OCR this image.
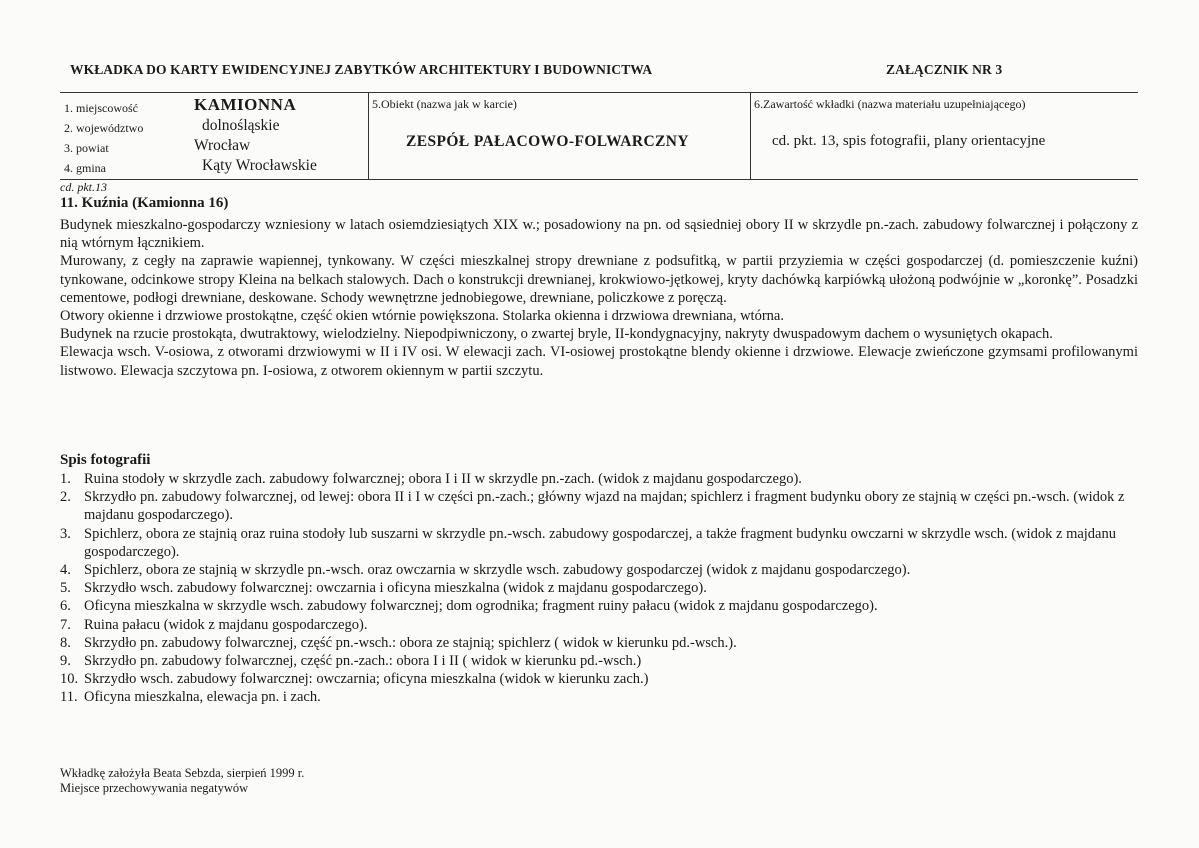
WKŁADKA DO KARTY EWIDENCYJNEJ ZABYTKÓW ARCHITEKTURY I BUDOWNICTWA	ZAŁĄCZNIK NR 3
1. miejscowość	KAMIONNA
2. województwo	dolnośląskie
3. powiat	Wrocław
4. gmina	Kąty Wrocławskie
5.Obiekt (nazwa jak w karcie)
ZESPÓŁ PAŁACOWO-FOLWARCZNY
6.Zawartość wkładki (nazwa materiału uzupełniającego)
cd. pkt. 13, spis fotografii, plany orientacyjne
cd. pkt.13
11. Kuźnia (Kamionna 16)

Budynek mieszkalno-gospodarczy wzniesiony w latach osiemdziesiątych XIX w.; posadowiony na pn. od sąsiedniej obory II w skrzydle pn.-zach. zabudowy folwarcznej i połączony z nią wtórnym łącznikiem.

Murowany, z cegły na zaprawie wapiennej, tynkowany. W części mieszkalnej stropy drewniane z podsufitką, w partii przyziemia w części gospodarczej (d. pomieszczenie kuźni) tynkowane, odcinkowe stropy Kleina na belkach stalowych. Dach o konstrukcji drewnianej, krokwiowo-jętkowej, kryty dachówką karpiówką ułożoną podwójnie w „koronkę”. Posadzki cementowe, podłogi drewniane, deskowane. Schody wewnętrzne jednobiegowe, drewniane, policzkowe z poręczą.

Otwory okienne i drzwiowe prostokątne, część okien wtórnie powiększona. Stolarka okienna i drzwiowa drewniana, wtórna.

Budynek na rzucie prostokąta, dwutraktowy, wielodzielny. Niepodpiwniczony, o zwartej bryle, II-kondygnacyjny, nakryty dwuspadowym dachem o wysuniętych okapach.

Elewacja wsch. V-osiowa, z otworami drzwiowymi w II i IV osi. W elewacji zach. VI-osiowej prostokątne blendy okienne i drzwiowe. Elewacje zwieńczone gzymsami profilowanymi listwowo. Elewacja szczytowa pn. I-osiowa, z otworem okiennym w partii szczytu.

Spis fotografii
1. Ruina stodoły w skrzydle zach. zabudowy folwarcznej; obora I i II w skrzydle pn.-zach. (widok z majdanu gospodarczego).
2. Skrzydło pn. zabudowy folwarcznej, od lewej: obora II i I w części pn.-zach.; główny wjazd na majdan; spichlerz i fragment budynku obory ze stajnią w części pn.-wsch. (widok z majdanu gospodarczego).
3. Spichlerz, obora ze stajnią oraz ruina stodoły lub suszarni w skrzydle pn.-wsch. zabudowy gospodarczej, a także fragment budynku owczarni w skrzydle wsch. (widok z majdanu gospodarczego).
4. Spichlerz, obora ze stajnią w skrzydle pn.-wsch. oraz owczarnia w skrzydle wsch. zabudowy gospodarczej (widok z majdanu gospodarczego).
5. Skrzydło wsch. zabudowy folwarcznej: owczarnia i oficyna mieszkalna (widok z majdanu gospodarczego).
6. Oficyna mieszkalna w skrzydle wsch. zabudowy folwarcznej; dom ogrodnika; fragment ruiny pałacu (widok z majdanu gospodarczego).
7. Ruina pałacu (widok z majdanu gospodarczego).
8. Skrzydło pn. zabudowy folwarcznej, część pn.-wsch.: obora ze stajnią; spichlerz ( widok w kierunku pd.-wsch.).
9. Skrzydło pn. zabudowy folwarcznej, część pn.-zach.: obora I i II ( widok w kierunku pd.-wsch.)
10. Skrzydło wsch. zabudowy folwarcznej: owczarnia; oficyna mieszkalna (widok w kierunku zach.)
11. Oficyna mieszkalna, elewacja pn. i zach.
Wkładkę założyła Beata Sebzda, sierpień 1999 r.
Miejsce przechowywania negatywów
